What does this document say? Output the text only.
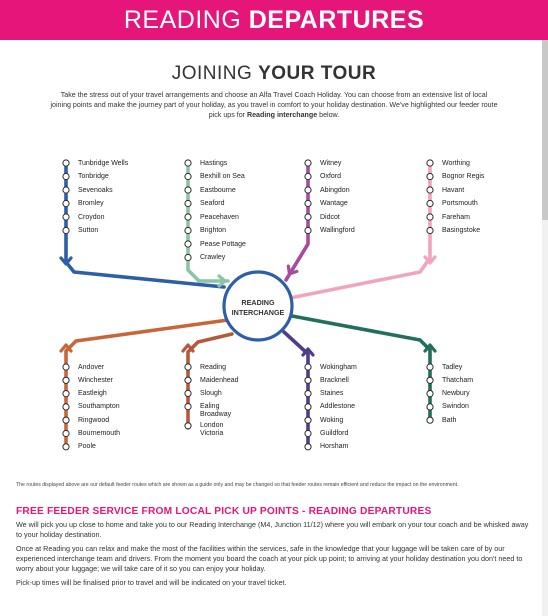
READING DEPARTURES
JOINING YOUR TOUR
Take the stress out of your travel arrangements and choose an Alfa Travel Coach Holiday. You can choose from an extensive list of local joining points and make the journey part of your holiday, as you travel in comfort to your holiday destination. We've highlighted our feeder route pick ups for Reading interchange below.
Tunbridge Wells
Tonbridge
Sevenoaks
Bromley
Croydon
Sutton
Hastings
Bexhill on Sea
Eastbourne
Seaford
Peacehaven
Brighton
Pease Pottage
Crawley
Witney
Oxford
Abingdon
Wantage
Didcot
Wallingford
Worthing
Bognor Regis
Havant
Portsmouth
Fareham
Basingstoke
Andover
Winchester
Eastleigh
Southampton
Ringwood
Bournemouth
Poole
Reading
Maidenhead
Slough
Ealing Broadway
London Victoria
Wokingham
Bracknell
Staines
Addlestone
Woking
Guildford
Horsham
Tadley
Thatcham
Newbury
Swindon
Bath
READING
INTERCHANGE
The routes displayed above are our default feeder routes which are shown as a guide only and may be changed so that feeder routes remain efficient and reduce the impact on the environment.
FREE FEEDER SERVICE FROM LOCAL PICK UP POINTS - READING DEPARTURES
We will pick you up close to home and take you to our Reading Interchange (M4, Junction 11/12) where you will embark on your tour coach and be whisked away to your holiday destination.
Once at Reading you can relax and make the most of the facilities within the services, safe in the knowledge that your luggage will be taken care of by our experienced interchange team and drivers. From the moment you board the coach at your pick up point; to arriving at your holiday destination you don't need to worry about your luggage; we will take care of it so you can enjoy your holiday.
Pick-up times will be finalised prior to travel and will be indicated on your travel ticket.
